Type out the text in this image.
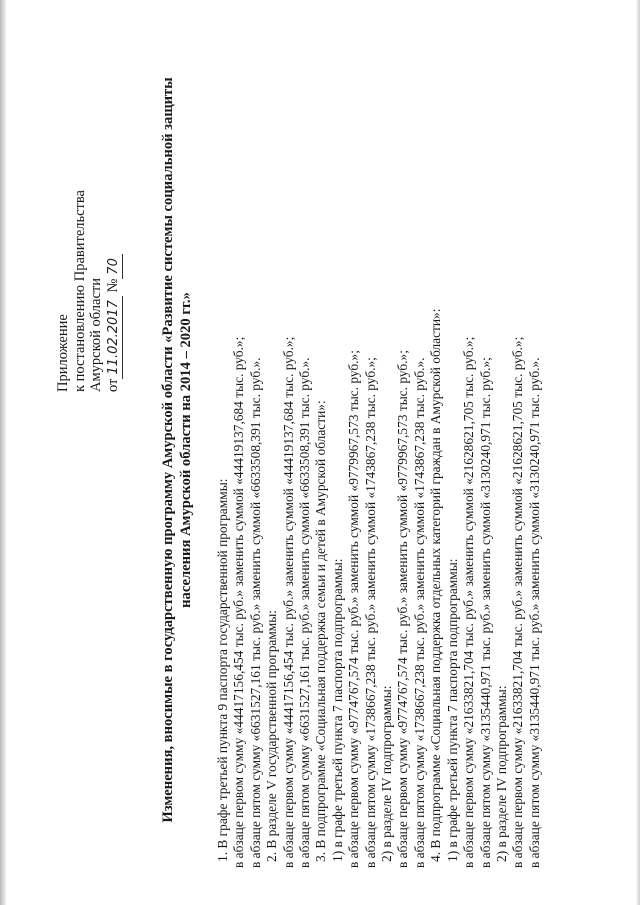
Приложение к постановлению Правительства Амурской области от11.02.2017 №70	Изменения, вносимые в государственную программу Амурской области «Развитие системы социальной защиты населения Амурской области на 2014 – 2020 гг.»
1. В графе третьей пункта 9 паспорта государственной программы: в абзаце первом сумму «44417156,454 тыс. руб.» заменить суммой «44419137,684 тыс. руб.»; в абзаце пятом сумму «6631527,161 тыс. руб.» заменить суммой «6633508,391 тыс. руб.». 2. В разделе V государственной программы: в абзаце первом сумму «44417156,454 тыс. руб.» заменить суммой «44419137,684 тыс. руб.»; в абзаце пятом сумму «6631527,161 тыс. руб.» заменить суммой «6633508,391 тыс. руб.». 3. В подпрограмме «Социальная поддержка семьи и детей в Амурской области»: 1) в графе третьей пункта 7 паспорта подпрограммы: в абзаце первом сумму «9774767,574 тыс. руб.» заменить суммой «9779967,573 тыс. руб.»; в абзаце пятом сумму «1738667,238 тыс. руб.» заменить суммой «1743867,238 тыс. руб.»; 2) в разделе IV подпрограммы: в абзаце первом сумму «9774767,574 тыс. руб.» заменить суммой «9779967,573 тыс. руб.»; в абзаце пятом сумму «1738667,238 тыс. руб.» заменить суммой «1743867,238 тыс. руб.». 4. В подпрограмме «Социальная поддержка отдельных категорий граждан в Амурской области»: 1) в графе третьей пункта 7 паспорта подпрограммы: в абзаце первом сумму «21633821,704 тыс. руб.» заменить суммой «21628621,705 тыс. руб.»; в абзаце пятом сумму «3135440,971 тыс. руб.» заменить суммой «3130240,971 тыс. руб.»; 2) в разделе IV подпрограммы: в абзаце первом сумму «21633821,704 тыс. руб.» заменить суммой «21628621,705 тыс. руб.»; в абзаце пятом сумму «3135440,971 тыс. руб.» заменить суммой «3130240,971 тыс. руб.».
